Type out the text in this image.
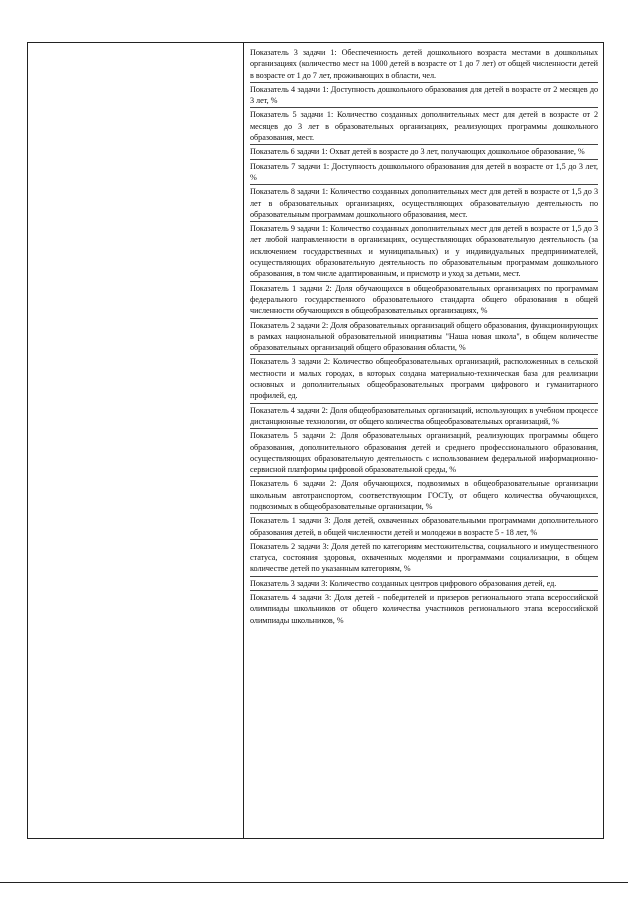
Показатель 3 задачи 1: Обеспеченность детей дошкольного возраста местами в дошкольных организациях (количество мест на 1000 детей в возрасте от 1 до 7 лет) от общей численности детей в возрасте от 1 до 7 лет, проживающих в области, чел.

Показатель 4 задачи 1: Доступность дошкольного образования для детей в возрасте от 2 месяцев до 3 лет, %

Показатель 5 задачи 1: Количество созданных дополнительных мест для детей в возрасте от 2 месяцев до 3 лет в образовательных организациях, реализующих программы дошкольного образования, мест.

Показатель 6 задачи 1: Охват детей в возрасте до 3 лет, получающих дошкольное образование, %

Показатель 7 задачи 1: Доступность дошкольного образования для детей в возрасте от 1,5 до 3 лет, %

Показатель 8 задачи 1: Количество созданных дополнительных мест для детей в возрасте от 1,5 до 3 лет в образовательных организациях, осуществляющих образовательную деятельность по образовательным программам дошкольного образования, мест.

Показатель 9 задачи 1: Количество созданных дополнительных мест для детей в возрасте от 1,5 до 3 лет любой направленности в организациях, осуществляющих образовательную деятельность (за исключением государственных и муниципальных) и у индивидуальных предпринимателей, осуществляющих образовательную деятельность по образовательным программам дошкольного образования, в том числе адаптированным, и присмотр и уход за детьми, мест.

Показатель 1 задачи 2: Доля обучающихся в общеобразовательных организациях по программам федерального государственного образовательного стандарта общего образования в общей численности обучающихся в общеобразовательных организациях, %

Показатель 2 задачи 2: Доля образовательных организаций общего образования, функционирующих в рамках национальной образовательной инициативы "Наша новая школа", в общем количестве образовательных организаций общего образования области, %

Показатель 3 задачи 2: Количество общеобразовательных организаций, расположенных в сельской местности и малых городах, в которых создана материально-техническая база для реализации основных и дополнительных общеобразовательных программ цифрового и гуманитарного профилей, ед.

Показатель 4 задачи 2: Доля общеобразовательных организаций, использующих в учебном процессе дистанционные технологии, от общего количества общеобразовательных организаций, %

Показатель 5 задачи 2: Доля образовательных организаций, реализующих программы общего образования, дополнительного образования детей и среднего профессионального образования, осуществляющих образовательную деятельность с использованием федеральной информационно-сервисной платформы цифровой образовательной среды, %

Показатель 6 задачи 2: Доля обучающихся, подвозимых в общеобразовательные организации школьным автотранспортом, соответствующим ГОСТу, от общего количества обучающихся, подвозимых в общеобразовательные организации, %

Показатель 1 задачи 3: Доля детей, охваченных образовательными программами дополнительного образования детей, в общей численности детей и молодежи в возрасте 5 - 18 лет, %

Показатель 2 задачи 3: Доля детей по категориям местожительства, социального и имущественного статуса, состояния здоровья, охваченных моделями и программами социализации, в общем количестве детей по указанным категориям, %

Показатель 3 задачи 3: Количество созданных центров цифрового образования детей, ед.

Показатель 4 задачи 3: Доля детей - победителей и призеров регионального этапа всероссийской олимпиады школьников от общего количества участников регионального этапа всероссийской олимпиады школьников, %
